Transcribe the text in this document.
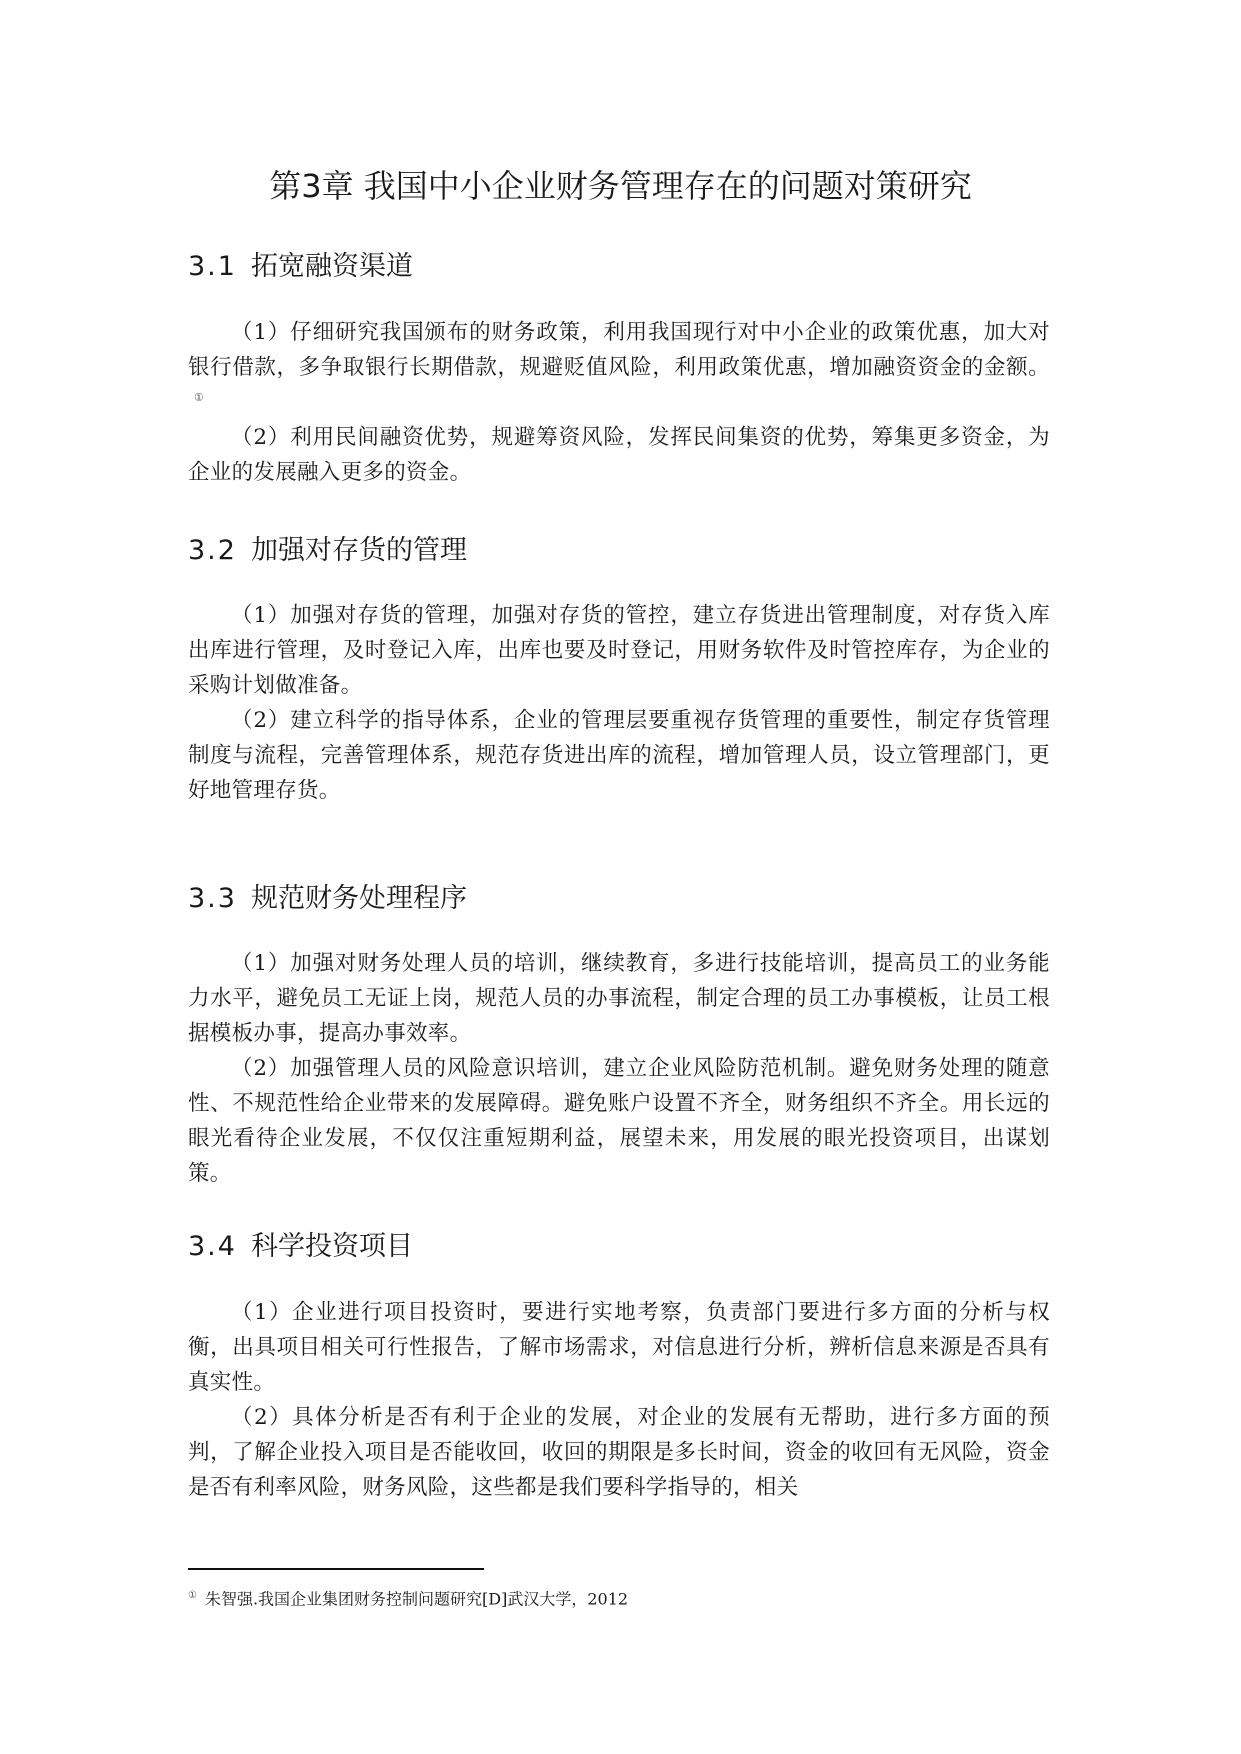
第3章 我国中小企业财务管理存在的问题对策研究
3.1 拓宽融资渠道

（1）仔细研究我国颁布的财务政策，利用我国现行对中小企业的政策优惠，加大对银行借款，多争取银行长期借款，规避贬值风险，利用政策优惠，增加融资资金的金额。①

（2）利用民间融资优势，规避筹资风险，发挥民间集资的优势，筹集更多资金，为企业的发展融入更多的资金。

3.2 加强对存货的管理

（1）加强对存货的管理，加强对存货的管控，建立存货进出管理制度，对存货入库出库进行管理，及时登记入库，出库也要及时登记，用财务软件及时管控库存，为企业的采购计划做准备。

（2）建立科学的指导体系，企业的管理层要重视存货管理的重要性，制定存货管理制度与流程，完善管理体系，规范存货进出库的流程，增加管理人员，设立管理部门，更好地管理存货。

3.3 规范财务处理程序

（1）加强对财务处理人员的培训，继续教育，多进行技能培训，提高员工的业务能力水平，避免员工无证上岗，规范人员的办事流程，制定合理的员工办事模板，让员工根据模板办事，提高办事效率。

（2）加强管理人员的风险意识培训，建立企业风险防范机制。避免财务处理的随意性、不规范性给企业带来的发展障碍。避免账户设置不齐全，财务组织不齐全。用长远的眼光看待企业发展，不仅仅注重短期利益，展望未来，用发展的眼光投资项目，出谋划策。

3.4 科学投资项目

（1）企业进行项目投资时，要进行实地考察，负责部门要进行多方面的分析与权衡，出具项目相关可行性报告，了解市场需求，对信息进行分析，辨析信息来源是否具有真实性。

（2）具体分析是否有利于企业的发展，对企业的发展有无帮助，进行多方面的预判，了解企业投入项目是否能收回，收回的期限是多长时间，资金的收回有无风险，资金是否有利率风险，财务风险，这些都是我们要科学指导的，相关

① 朱智强.我国企业集团财务控制问题研究[D]武汉大学，2012
